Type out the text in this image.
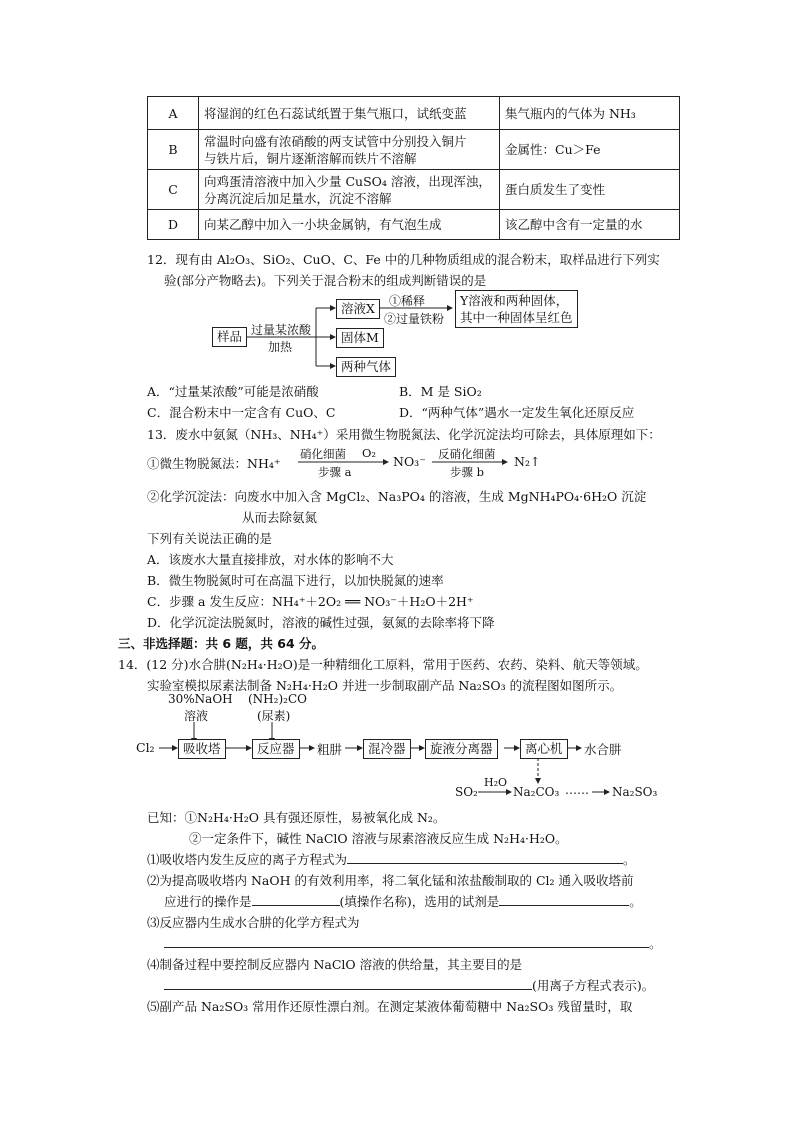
A	将湿润的红色石蕊试纸置于集气瓶口，试纸变蓝	集气瓶内的气体为 NH₃
B	常温时向盛有浓硝酸的两支试管中分别投入铜片
与铁片后，铜片逐渐溶解而铁片不溶解	金属性：Cu＞Fe
C	向鸡蛋清溶液中加入少量 CuSO₄ 溶液，出现浑浊，
分离沉淀后加足量水，沉淀不溶解	蛋白质发生了变性
D	向某乙醇中加入一小块金属钠，有气泡生成	该乙醇中含有一定量的水
12．现有由 Al₂O₃、SiO₂、CuO、C、Fe 中的几种物质组成的混合粉末，取样品进行下列实
验(部分产物略去)。下列关于混合粉末的组成判断错误的是
样品 过量某浓酸
加热
溶液X
固体M
两种气体
①稀释
②过量铁粉
Y溶液和两种固体，
其中一种固体呈红色
A．“过量某浓酸”可能是浓硝酸	B．M 是 SiO₂
C．混合粉末中一定含有 CuO、C	D．“两种气体”遇水一定发生氧化还原反应
13．废水中氨氮（NH₃、NH₄⁺）采用微生物脱氮法、化学沉淀法均可除去，具体原理如下：
①微生物脱氮法：NH₄⁺
硝化细菌 O₂
步骤 a
NO₃⁻ 反硝化细菌
步骤 b
N₂↑
②化学沉淀法：向废水中加入含 MgCl₂、Na₃PO₄ 的溶液，生成 MgNH₄PO₄·6H₂O 沉淀
从而去除氨氮
下列有关说法正确的是
A．该废水大量直接排放，对水体的影响不大
B．微生物脱氮时可在高温下进行，以加快脱氮的速率
C．步骤 a 发生反应：NH₄⁺＋2O₂ ══ NO₃⁻＋H₂O＋2H⁺
D．化学沉淀法脱氮时，溶液的碱性过强，氨氮的去除率将下降
三、非选择题：共 6 题，共 64 分。
14．(12 分)水合肼(N₂H₄·H₂O)是一种精细化工原料，常用于医药、农药、染料、航天等领域。
实验室模拟尿素法制备 N₂H₄·H₂O 并进一步制取副产品 Na₂SO₃ 的流程图如图所示。
30%NaOH
溶液
(NH₂)₂CO
(尿素)
Cl₂	吸收塔	反应器	粗肼	混冷器	旋液分离器	离心机	水合肼
SO₂
H₂O
Na₂CO₃ …… Na₂SO₃
已知：①N₂H₄·H₂O 具有强还原性，易被氧化成 N₂。
②一定条件下，碱性 NaClO 溶液与尿素溶液反应生成 N₂H₄·H₂O。
⑴吸收塔内发生反应的离子方程式为	。
⑵为提高吸收塔内 NaOH 的有效利用率，将二氧化锰和浓盐酸制取的 Cl₂ 通入吸收塔前
应进行的操作是	(填操作名称)，选用的试剂是	。
⑶反应器内生成水合肼的化学方程式为
。
⑷制备过程中要控制反应器内 NaClO 溶液的供给量，其主要目的是
(用离子方程式表示)。
⑸副产品 Na₂SO₃ 常用作还原性漂白剂。在测定某液体葡萄糖中 Na₂SO₃ 残留量时，取
